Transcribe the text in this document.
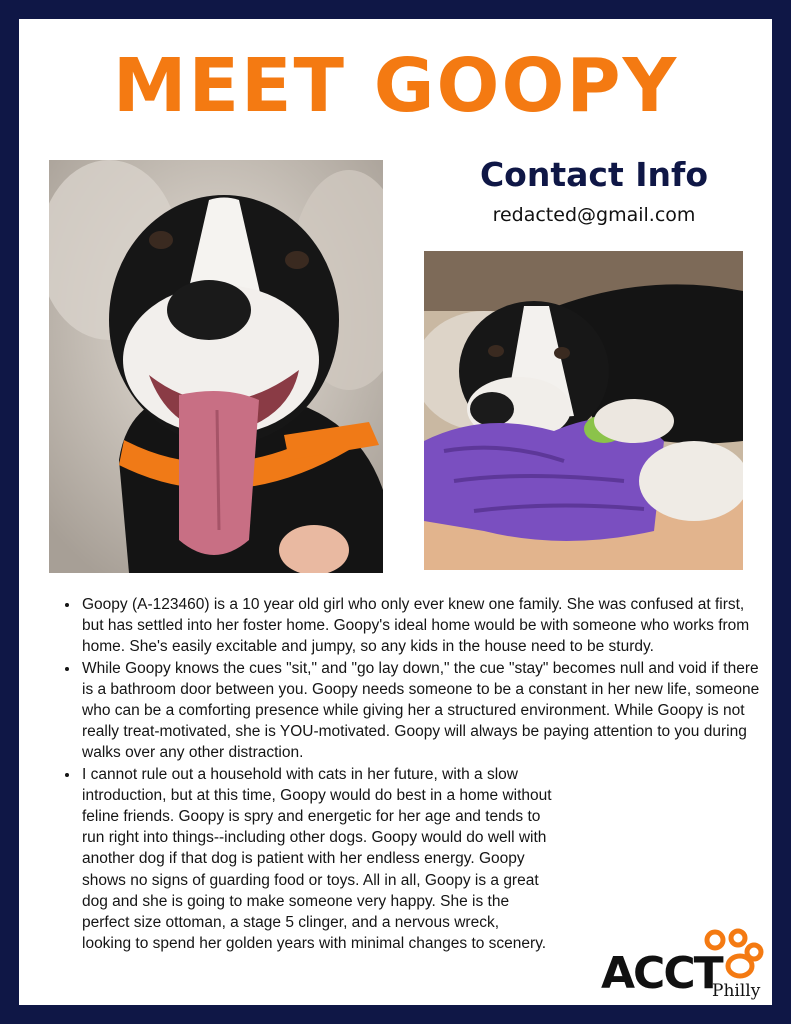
MEET GOOPY
Contact Info
redacted@gmail.com
• Goopy (A-123460) is a 10 year old girl who only ever knew one family. She was confused at first, but has settled into her foster home. Goopy's ideal home would be with someone who works from home. She's easily excitable and jumpy, so any kids in the house need to be sturdy.
• While Goopy knows the cues "sit," and "go lay down," the cue "stay" becomes null and void if there is a bathroom door between you. Goopy needs someone to be a constant in her new life, someone who can be a comforting presence while giving her a structured environment. While Goopy is not really treat-motivated, she is YOU-motivated. Goopy will always be paying attention to you during walks over any other distraction.
• I cannot rule out a household with cats in her future, with a slow introduction, but at this time, Goopy would do best in a home without feline friends. Goopy is spry and energetic for her age and tends to run right into things--including other dogs. Goopy would do well with another dog if that dog is patient with her endless energy. Goopy shows no signs of guarding food or toys. All in all, Goopy is a great dog and she is going to make someone very happy. She is the perfect size ottoman, a stage 5 clinger, and a nervous wreck, looking to spend her golden years with minimal changes to scenery.
ACCT
Philly
